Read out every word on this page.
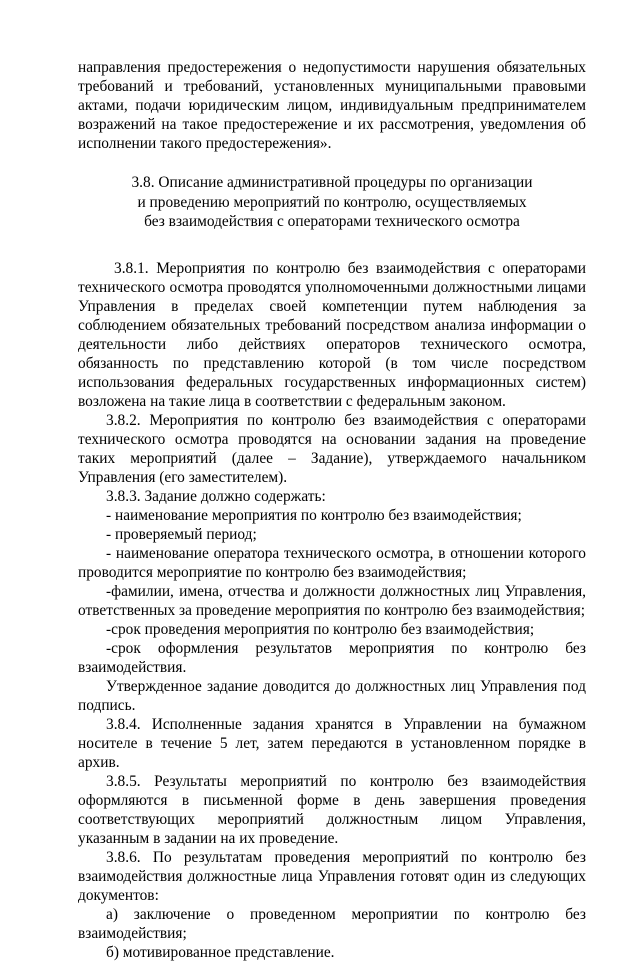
направления предостережения о недопустимости нарушения обязательных требований и требований, установленных муниципальными правовыми актами, подачи юридическим лицом, индивидуальным предпринимателем возражений на такое предостережение и их рассмотрения, уведомления об исполнении такого предостережения».

3.8. Описание административной процедуры по организации
и проведению мероприятий по контролю, осуществляемых
без взаимодействия с операторами технического осмотра

3.8.1. Мероприятия по контролю без взаимодействия с операторами технического осмотра проводятся уполномоченными должностными лицами Управления в пределах своей компетенции путем наблюдения за соблюдением обязательных требований посредством анализа информации о деятельности либо действиях операторов технического осмотра, обязанность по представлению которой (в том числе посредством использования федеральных государственных информационных систем) возложена на такие лица в соответствии с федеральным законом.

3.8.2. Мероприятия по контролю без взаимодействия с операторами технического осмотра проводятся на основании задания на проведение таких мероприятий (далее – Задание), утверждаемого начальником Управления (его заместителем).

3.8.3. Задание должно содержать:

- наименование мероприятия по контролю без взаимодействия;

- проверяемый период;

- наименование оператора технического осмотра, в отношении которого проводится мероприятие по контролю без взаимодействия;

-фамилии, имена, отчества и должности должностных лиц Управления, ответственных за проведение мероприятия по контролю без взаимодействия;

-срок проведения мероприятия по контролю без взаимодействия;

-срок оформления результатов мероприятия по контролю без взаимодействия.

Утвержденное задание доводится до должностных лиц Управления под подпись.

3.8.4. Исполненные задания хранятся в Управлении на бумажном носителе в течение 5 лет, затем передаются в установленном порядке в архив.

3.8.5. Результаты мероприятий по контролю без взаимодействия оформляются в письменной форме в день завершения проведения соответствующих мероприятий должностным лицом Управления, указанным в задании на их проведение.

3.8.6. По результатам проведения мероприятий по контролю без взаимодействия должностные лица Управления готовят один из следующих документов:

а) заключение о проведенном мероприятии по контролю без взаимодействия;

б) мотивированное представление.
